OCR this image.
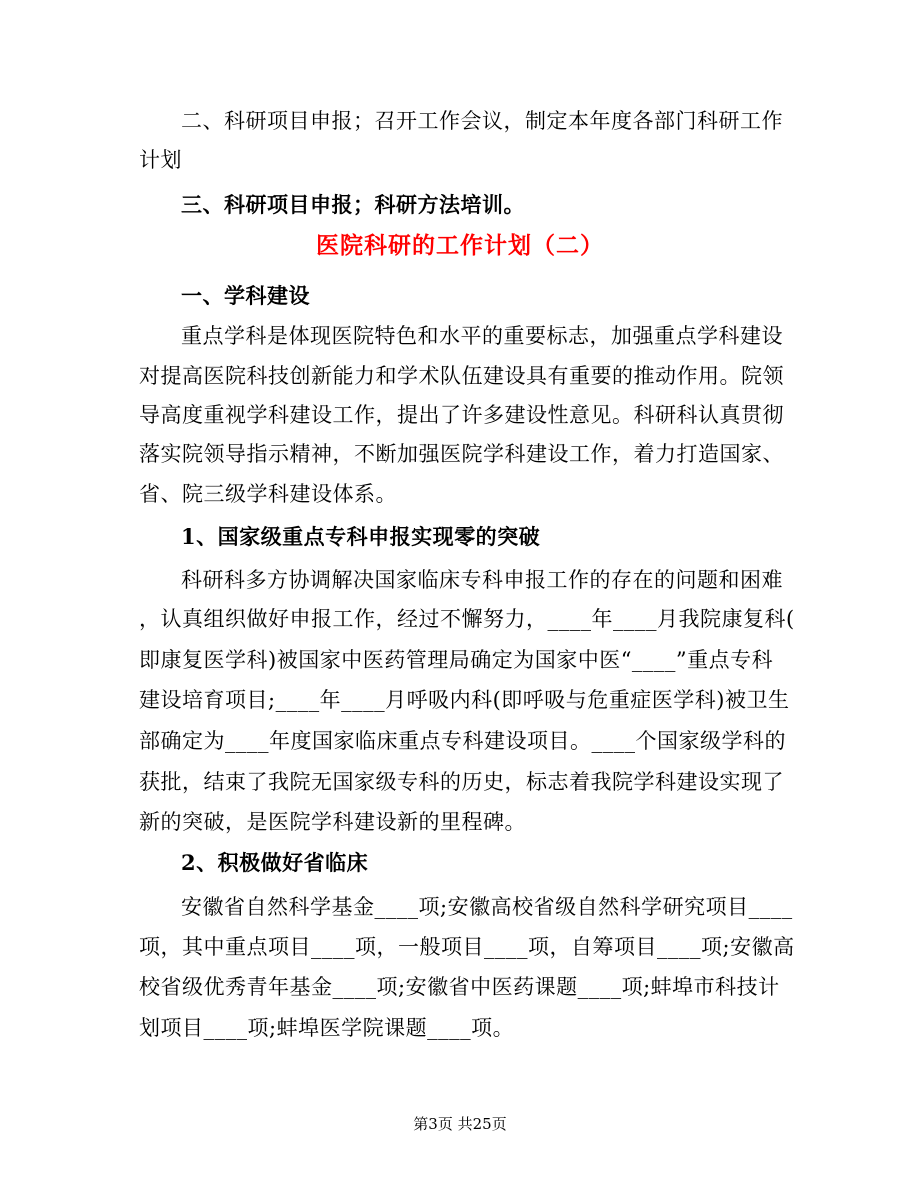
二、科研项目申报；召开工作会议，制定本年度各部门科研工作
计划
三、科研项目申报；科研方法培训。
医院科研的工作计划（二）
一、学科建设
重点学科是体现医院特色和水平的重要标志，加强重点学科建设
对提高医院科技创新能力和学术队伍建设具有重要的推动作用。院领
导高度重视学科建设工作，提出了许多建设性意见。科研科认真贯彻
落实院领导指示精神，不断加强医院学科建设工作，着力打造国家、
省、院三级学科建设体系。
1、国家级重点专科申报实现零的突破
科研科多方协调解决国家临床专科申报工作的存在的问题和困难
，认真组织做好申报工作，经过不懈努力，____年____月我院康复科(
即康复医学科)被国家中医药管理局确定为国家中医“____”重点专科
建设培育项目;____年____月呼吸内科(即呼吸与危重症医学科)被卫生
部确定为____年度国家临床重点专科建设项目。____个国家级学科的
获批，结束了我院无国家级专科的历史，标志着我院学科建设实现了
新的突破，是医院学科建设新的里程碑。
2、积极做好省临床
安徽省自然科学基金____项;安徽高校省级自然科学研究项目____
项，其中重点项目____项，一般项目____项，自筹项目____项;安徽高
校省级优秀青年基金____项;安徽省中医药课题____项;蚌埠市科技计
划项目____项;蚌埠医学院课题____项。
第3页 共25页
